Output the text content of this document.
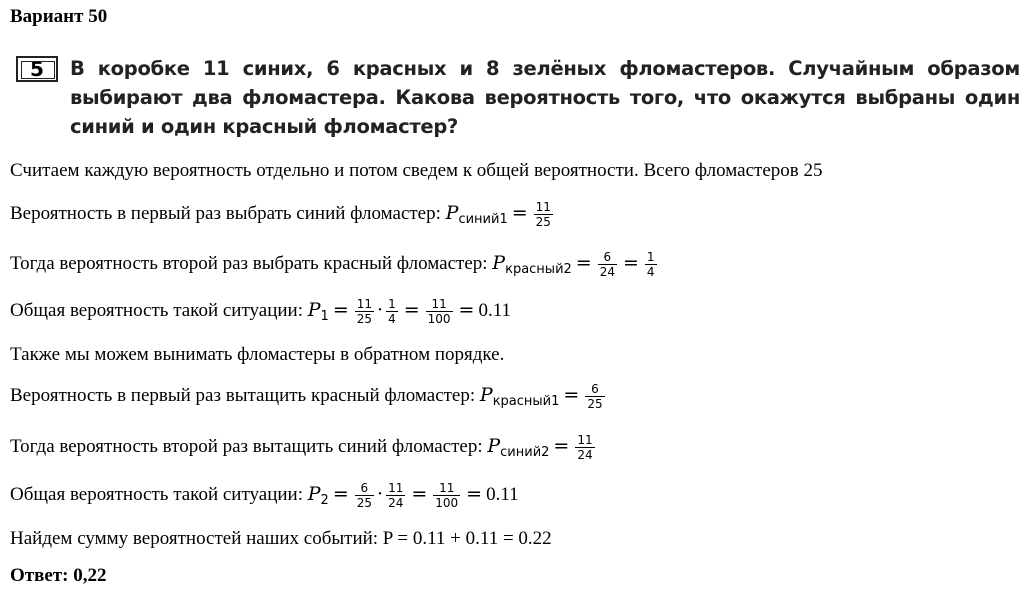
Вариант 50
5	В коробке 11 синих, 6 красных и 8 зелёных фломастеров. Случайным образом выбирают два фломастера. Какова вероятность того, что окажутся выбраны один синий и один красный фломастер?
Считаем каждую вероятность отдельно и потом сведем к общей вероятности. Всего фломастеров 25
Вероятность в первый раз выбрать синий фломастер: $P_{синий1} = \frac{11}{25}$
Тогда вероятность второй раз выбрать красный фломастер: $P_{красный2} = \frac{6}{24} = \frac{1}{4}$
Общая вероятность такой ситуации: $P_1 = \frac{11}{25} \cdot \frac{1}{4} = \frac{11}{100} = 0.11$
Также мы можем вынимать фломастеры в обратном порядке.
Вероятность в первый раз вытащить красный фломастер: $P_{красный1} = \frac{6}{25}$
Тогда вероятность второй раз вытащить синий фломастер: $P_{синий2} = \frac{11}{24}$
Общая вероятность такой ситуации: $P_2 = \frac{6}{25} \cdot \frac{11}{24} = \frac{11}{100} = 0.11$
Найдем сумму вероятностей наших событий: P = 0.11 + 0.11 = 0.22
Ответ: 0,22
